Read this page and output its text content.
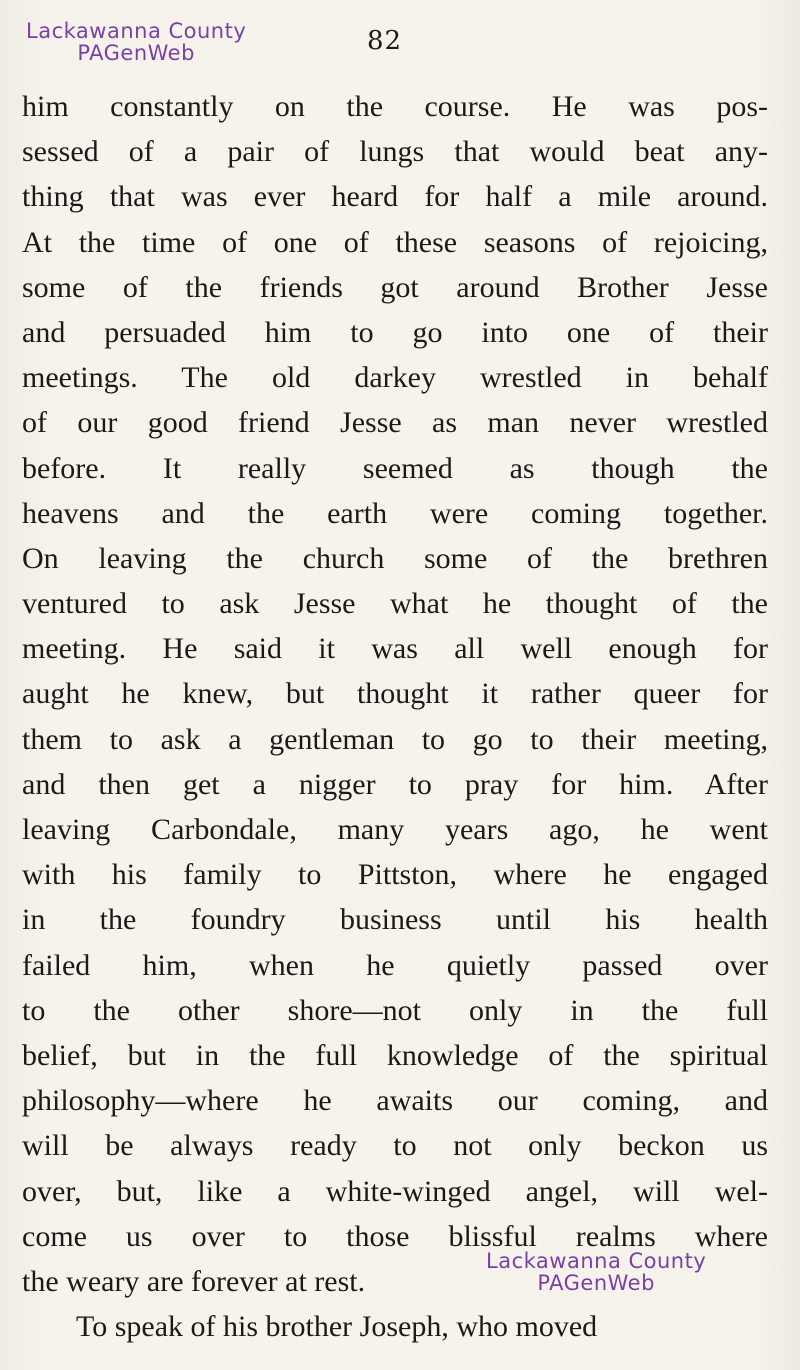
Lackawanna County
PAGenWeb	82
him constantly on the course. He was pos-
sessed of a pair of lungs that would beat any-
thing that was ever heard for half a mile around.
At the time of one of these seasons of rejoicing,
some of the friends got around Brother Jesse
and persuaded him to go into one of their
meetings. The old darkey wrestled in behalf
of our good friend Jesse as man never wrestled
before. It really seemed as though the
heavens and the earth were coming together.
On leaving the church some of the brethren
ventured to ask Jesse what he thought of the
meeting. He said it was all well enough for
aught he knew, but thought it rather queer for
them to ask a gentleman to go to their meeting,
and then get a nigger to pray for him. After
leaving Carbondale, many years ago, he went
with his family to Pittston, where he engaged
in the foundry business until his health
failed him, when he quietly passed over
to the other shore—not only in the full
belief, but in the full knowledge of the spiritual
philosophy—where he awaits our coming, and
will be always ready to not only beckon us
over, but, like a white-winged angel, will wel-
come us over to those blissful realms where
the weary are forever at rest.
To speak of his brother Joseph, who moved
Lackawanna County
PAGenWeb
